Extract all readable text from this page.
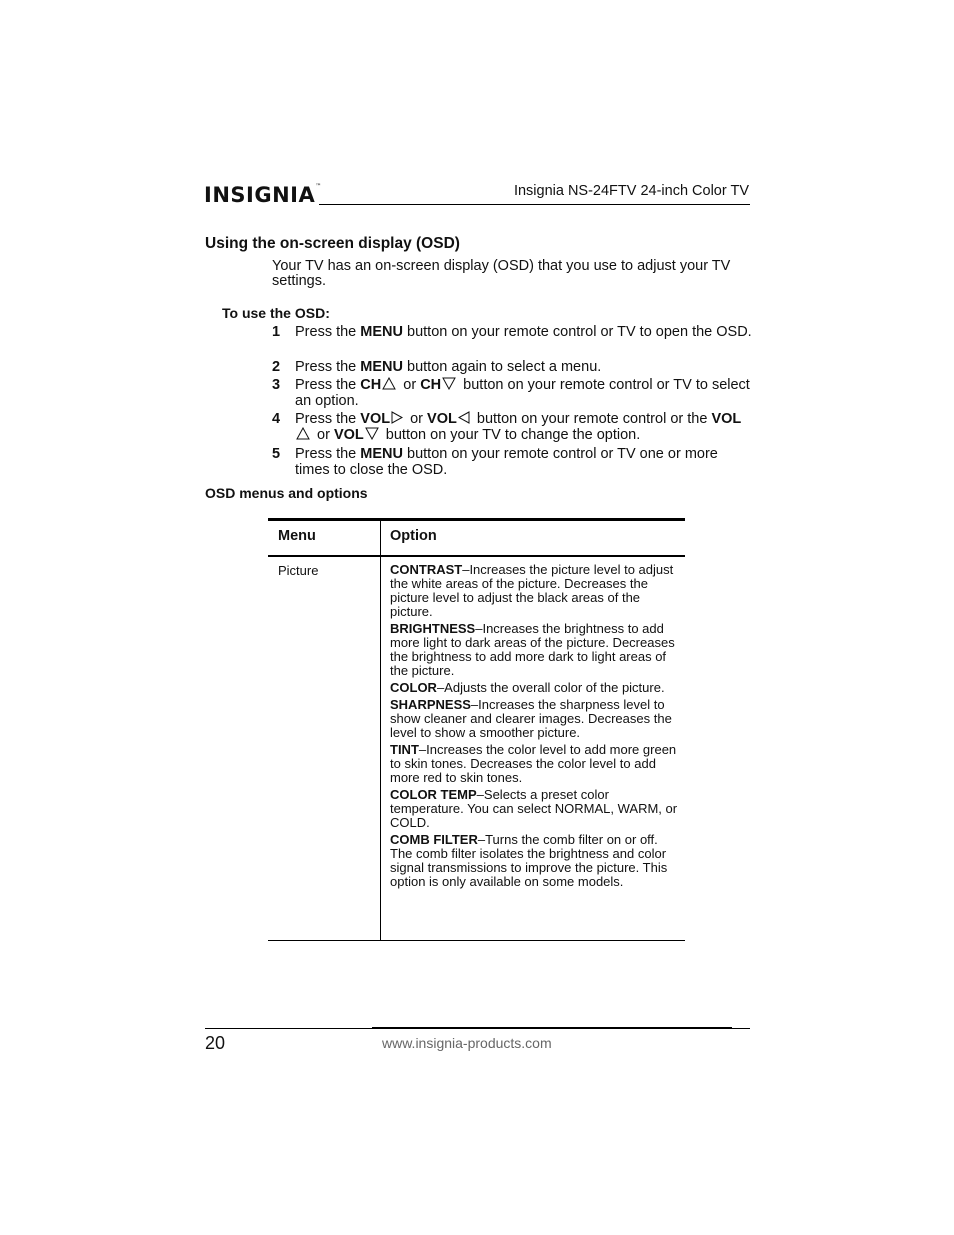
INSIGNIA™	Insignia NS-24FTV 24-inch Color TV
Using the on-screen display (OSD)
Your TV has an on-screen display (OSD) that you use to adjust your TV settings.
To use the OSD:
1 Press the MENU button on your remote control or TV to open the OSD.
2 Press the MENU button again to select a menu.
3 Press the CH or CH button on your remote control or TV to select an option.
4 Press the VOL or VOL button on your remote control or the VOL or VOL button on your TV to change the option.
5 Press the MENU button on your remote control or TV one or more times to close the OSD.
OSD menus and options
Menu	Option
Picture	CONTRAST–Increases the picture level to adjust the white areas of the picture. Decreases the picture level to adjust the black areas of the picture.
BRIGHTNESS–Increases the brightness to add more light to dark areas of the picture. Decreases the brightness to add more dark to light areas of the picture.
COLOR–Adjusts the overall color of the picture.
SHARPNESS–Increases the sharpness level to show cleaner and clearer images. Decreases the level to show a smoother picture.
TINT–Increases the color level to add more green to skin tones. Decreases the color level to add more red to skin tones.
COLOR TEMP–Selects a preset color temperature. You can select NORMAL, WARM, or COLD.
COMB FILTER–Turns the comb filter on or off. The comb filter isolates the brightness and color signal transmissions to improve the picture. This option is only available on some models.
20	www.insignia-products.com
